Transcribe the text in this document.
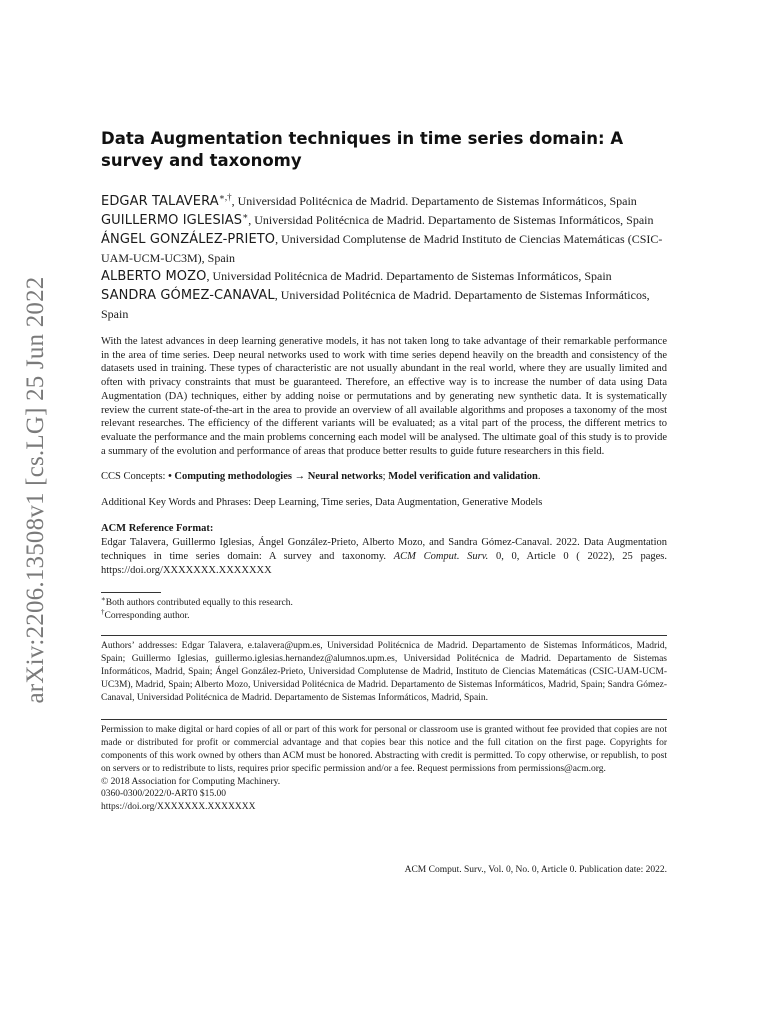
arXiv:2206.13508v1 [cs.LG] 25 Jun 2022
Data Augmentation techniques in time series domain: A survey and taxonomy
EDGAR TALAVERA∗,†, Universidad Politécnica de Madrid. Departamento de Sistemas Informáticos, Spain
GUILLERMO IGLESIAS∗, Universidad Politécnica de Madrid. Departamento de Sistemas Informáticos, Spain
ÁNGEL GONZÁLEZ-PRIETO, Universidad Complutense de Madrid Instituto de Ciencias Matemáticas (CSIC-UAM-UCM-UC3M), Spain
ALBERTO MOZO, Universidad Politécnica de Madrid. Departamento de Sistemas Informáticos, Spain
SANDRA GÓMEZ-CANAVAL, Universidad Politécnica de Madrid. Departamento de Sistemas Informáticos, Spain

With the latest advances in deep learning generative models, it has not taken long to take advantage of their remarkable performance in the area of time series. Deep neural networks used to work with time series depend heavily on the breadth and consistency of the datasets used in training. These types of characteristic are not usually abundant in the real world, where they are usually limited and often with privacy constraints that must be guaranteed. Therefore, an effective way is to increase the number of data using Data Augmentation (DA) techniques, either by adding noise or permutations and by generating new synthetic data. It is systematically review the current state-of-the-art in the area to provide an overview of all available algorithms and proposes a taxonomy of the most relevant researches. The efficiency of the different variants will be evaluated; as a vital part of the process, the different metrics to evaluate the performance and the main problems concerning each model will be analysed. The ultimate goal of this study is to provide a summary of the evolution and performance of areas that produce better results to guide future researchers in this field.

CCS Concepts: • Computing methodologies → Neural networks; Model verification and validation.

Additional Key Words and Phrases: Deep Learning, Time series, Data Augmentation, Generative Models

ACM Reference Format:
Edgar Talavera, Guillermo Iglesias, Ángel González-Prieto, Alberto Mozo, and Sandra Gómez-Canaval. 2022. Data Augmentation techniques in time series domain: A survey and taxonomy. ACM Comput. Surv. 0, 0, Article 0 ( 2022), 25 pages. https://doi.org/XXXXXXX.XXXXXXX
∗Both authors contributed equally to this research.
†Corresponding author.

Authors’ addresses: Edgar Talavera, e.talavera@upm.es, Universidad Politécnica de Madrid. Departamento de Sistemas Informáticos, Madrid, Spain; Guillermo Iglesias, guillermo.iglesias.hernandez@alumnos.upm.es, Universidad Politécnica de Madrid. Departamento de Sistemas Informáticos, Madrid, Spain; Ángel González-Prieto, Universidad Complutense de Madrid, Instituto de Ciencias Matemáticas (CSIC-UAM-UCM-UC3M), Madrid, Spain; Alberto Mozo, Universidad Politécnica de Madrid. Departamento de Sistemas Informáticos, Madrid, Spain; Sandra Gómez-Canaval, Universidad Politécnica de Madrid. Departamento de Sistemas Informáticos, Madrid, Spain.

Permission to make digital or hard copies of all or part of this work for personal or classroom use is granted without fee provided that copies are not made or distributed for profit or commercial advantage and that copies bear this notice and the full citation on the first page. Copyrights for components of this work owned by others than ACM must be honored. Abstracting with credit is permitted. To copy otherwise, or republish, to post on servers or to redistribute to lists, requires prior specific permission and/or a fee. Request permissions from permissions@acm.org.

© 2018 Association for Computing Machinery.
0360-0300/2022/0-ART0 $15.00
https://doi.org/XXXXXXX.XXXXXXX
ACM Comput. Surv., Vol. 0, No. 0, Article 0. Publication date: 2022.
